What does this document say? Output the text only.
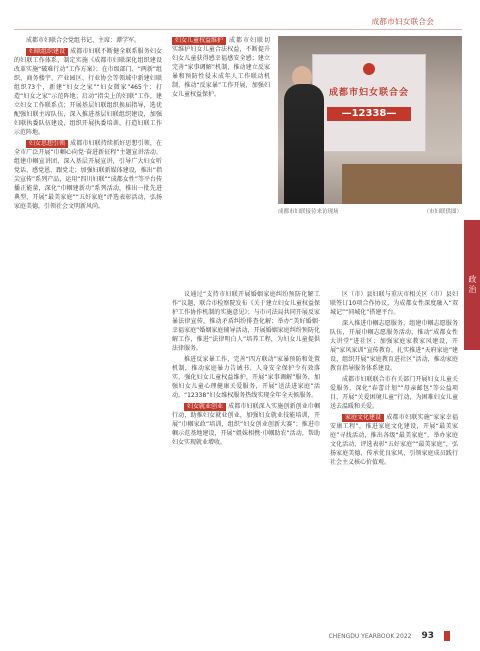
成都市妇女联合会
政治

成都市妇联合会党组书记、主席：谭学军。

妇联组织建设 成都市妇联不断健全联系服务妇女的妇联工作体系，制定实施《成都市妇联深化组织建设改革实施“破难行动”工作方案》；在市级部门、“两新”组织、商务楼宇、产业园区、行业协会等领域中新建妇联组织73个，新建“妇女之家”“妇女微家”465个；打造“妇女之家”示范阵地；启动“指尖上的妇联”工作，建立妇女工作联系点；开展基层妇联组织换届指导，选优配强妇联主席队伍，深入推进基层妇联组织建设，加强妇联执委队伍建设，组织开展执委培训，打造妇联工作示范阵地。

妇女思想引领 成都市妇联持续抓好思想引领，在全市广泛开展“巾帼心向党·奋进新征程”主题宣讲活动，组建巾帼宣讲团，深入基层开展宣讲，引导广大妇女听党话、感党恩、跟党走；加强妇联新媒体建设，推出“指尖宣传”系列产品，运用“四川妇联”“成都女性”等平台传播正能量，深化“巾帼建新功”系列活动，推出一批先进典型，开展“最美家庭”“五好家庭”评选表彰活动，弘扬家庭美德，引领社会文明新风尚。

妇女儿童权益维护 成都市妇联切实维护妇女儿童合法权益，不断提升妇女儿童获得感幸福感安全感；建立完善“家事调解”机制，推动建立反家暴和预防性侵未成年人工作联动机制，推动“反家暴”工作开展，加强妇女儿童权益保护。	成都市妇女联合会
—12338—
成都市妇联接待来访现场	（市妇联供图）

议通过“支持市妇联开展婚姻家庭纠纷预防化解工作”议题，联合市检察院发布《关于建立妇女儿童权益保护工作协作机制的实施意见》；与市司法局共同开展反家暴法律宣传，推动矛盾纠纷排查化解；举办“美好婚姻·幸福家庭”婚姻家庭辅导活动，开展婚姻家庭纠纷预防化解工作，推进“法律明白人”培养工程，为妇女儿童提供法律服务。

推进反家暴工作，完善“四方联动”家暴预防和处置机制，推动家庭暴力告诫书、人身安全保护令有效落实，强化妇女儿童权益维护，开展“家事调解”服务，加强妇女儿童心理健康关爱服务，开展“送法进家庭”活动，“12338”妇女维权服务热线实现全年全天候服务。

妇女就业创业 成都市妇联深入实施创新创业巾帼行动，助推妇女就业创业，加强妇女就业技能培训，开展“巾帼家政”培训，组织“妇女创业创新大赛”；推进巾帼示范基地建设，开展“姐妹相携·巾帼助农”活动，帮助妇女实现就业增收。

区（市）县妇联与重庆市相关区（市）县妇联签订10项合作协议，为成都女性深度融入“双城记”“同城化”搭建平台。

深入推进巾帼志愿服务，组建巾帼志愿服务队伍，开展巾帼志愿服务活动，推动“成都女性大讲堂”进社区；加强家庭家教家风建设，开展“家风家训”宣传教育，扎实推进“天府家庭”建设，组织开展“家庭教育进社区”活动，推动家庭教育指导服务体系建设。

成都市妇联联合市有关部门开展妇女儿童关爱服务，深化“春蕾计划”“母亲邮包”等公益项目，开展“关爱困境儿童”行动，为困难妇女儿童送去温暖和关爱。

家庭文化建设 成都市妇联实施“家家幸福安康工程”，推进家庭文化建设，开展“最美家庭”寻找活动，推出各级“最美家庭”，举办家庭文化活动，评选表彰“五好家庭”“最美家庭”，弘扬家庭美德，传承优良家风，引领家庭成员践行社会主义核心价值观。

CHENGDU YEARBOOK 2022 93
